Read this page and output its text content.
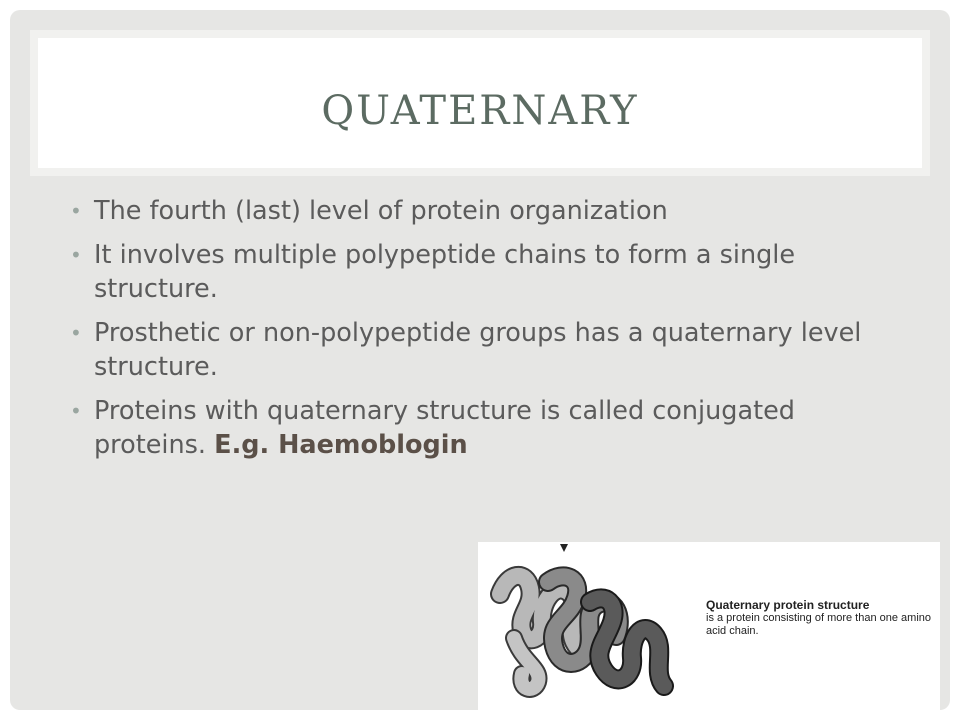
QUATERNARY
• The fourth (last) level of protein organization
• It involves multiple polypeptide chains to form a single structure.
• Prosthetic or non-polypeptide groups has a quaternary level structure.
• Proteins with quaternary structure is called conjugated proteins. E.g. Haemoblogin
Quaternary protein structure
is a protein consisting of more than one amino acid chain.
